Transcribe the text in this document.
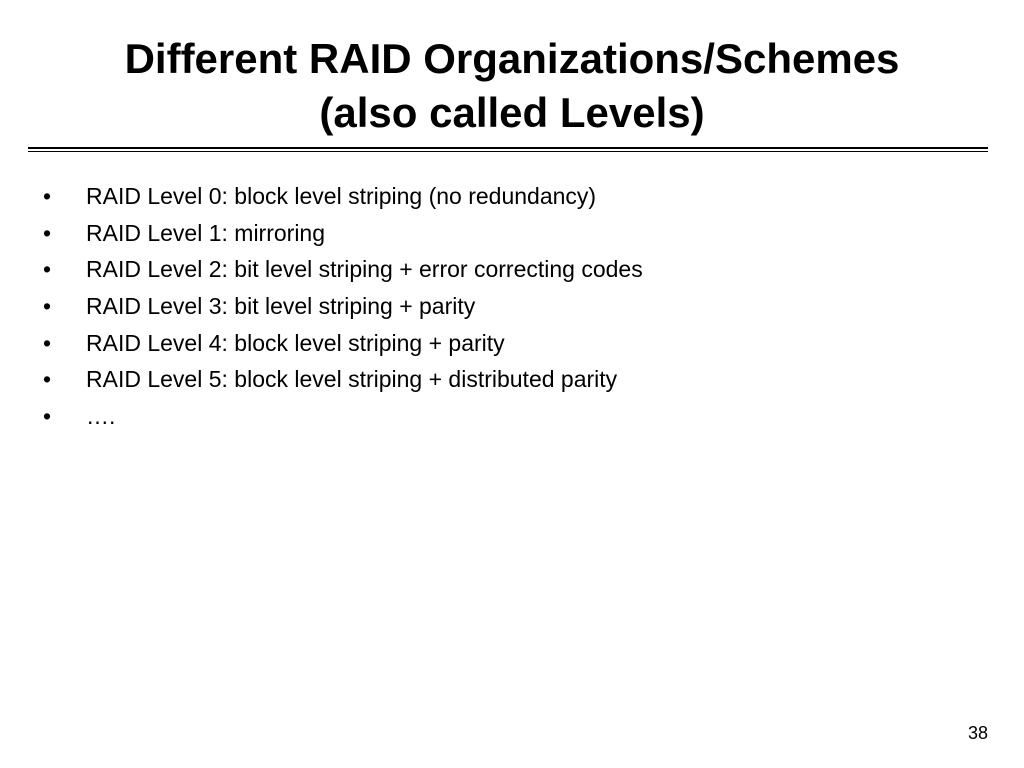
Different RAID Organizations/Schemes
(also called Levels)
• RAID Level 0: block level striping (no redundancy)
• RAID Level 1: mirroring
• RAID Level 2: bit level striping + error correcting codes
• RAID Level 3: bit level striping + parity
• RAID Level 4: block level striping + parity
• RAID Level 5: block level striping + distributed parity
• ….
38
